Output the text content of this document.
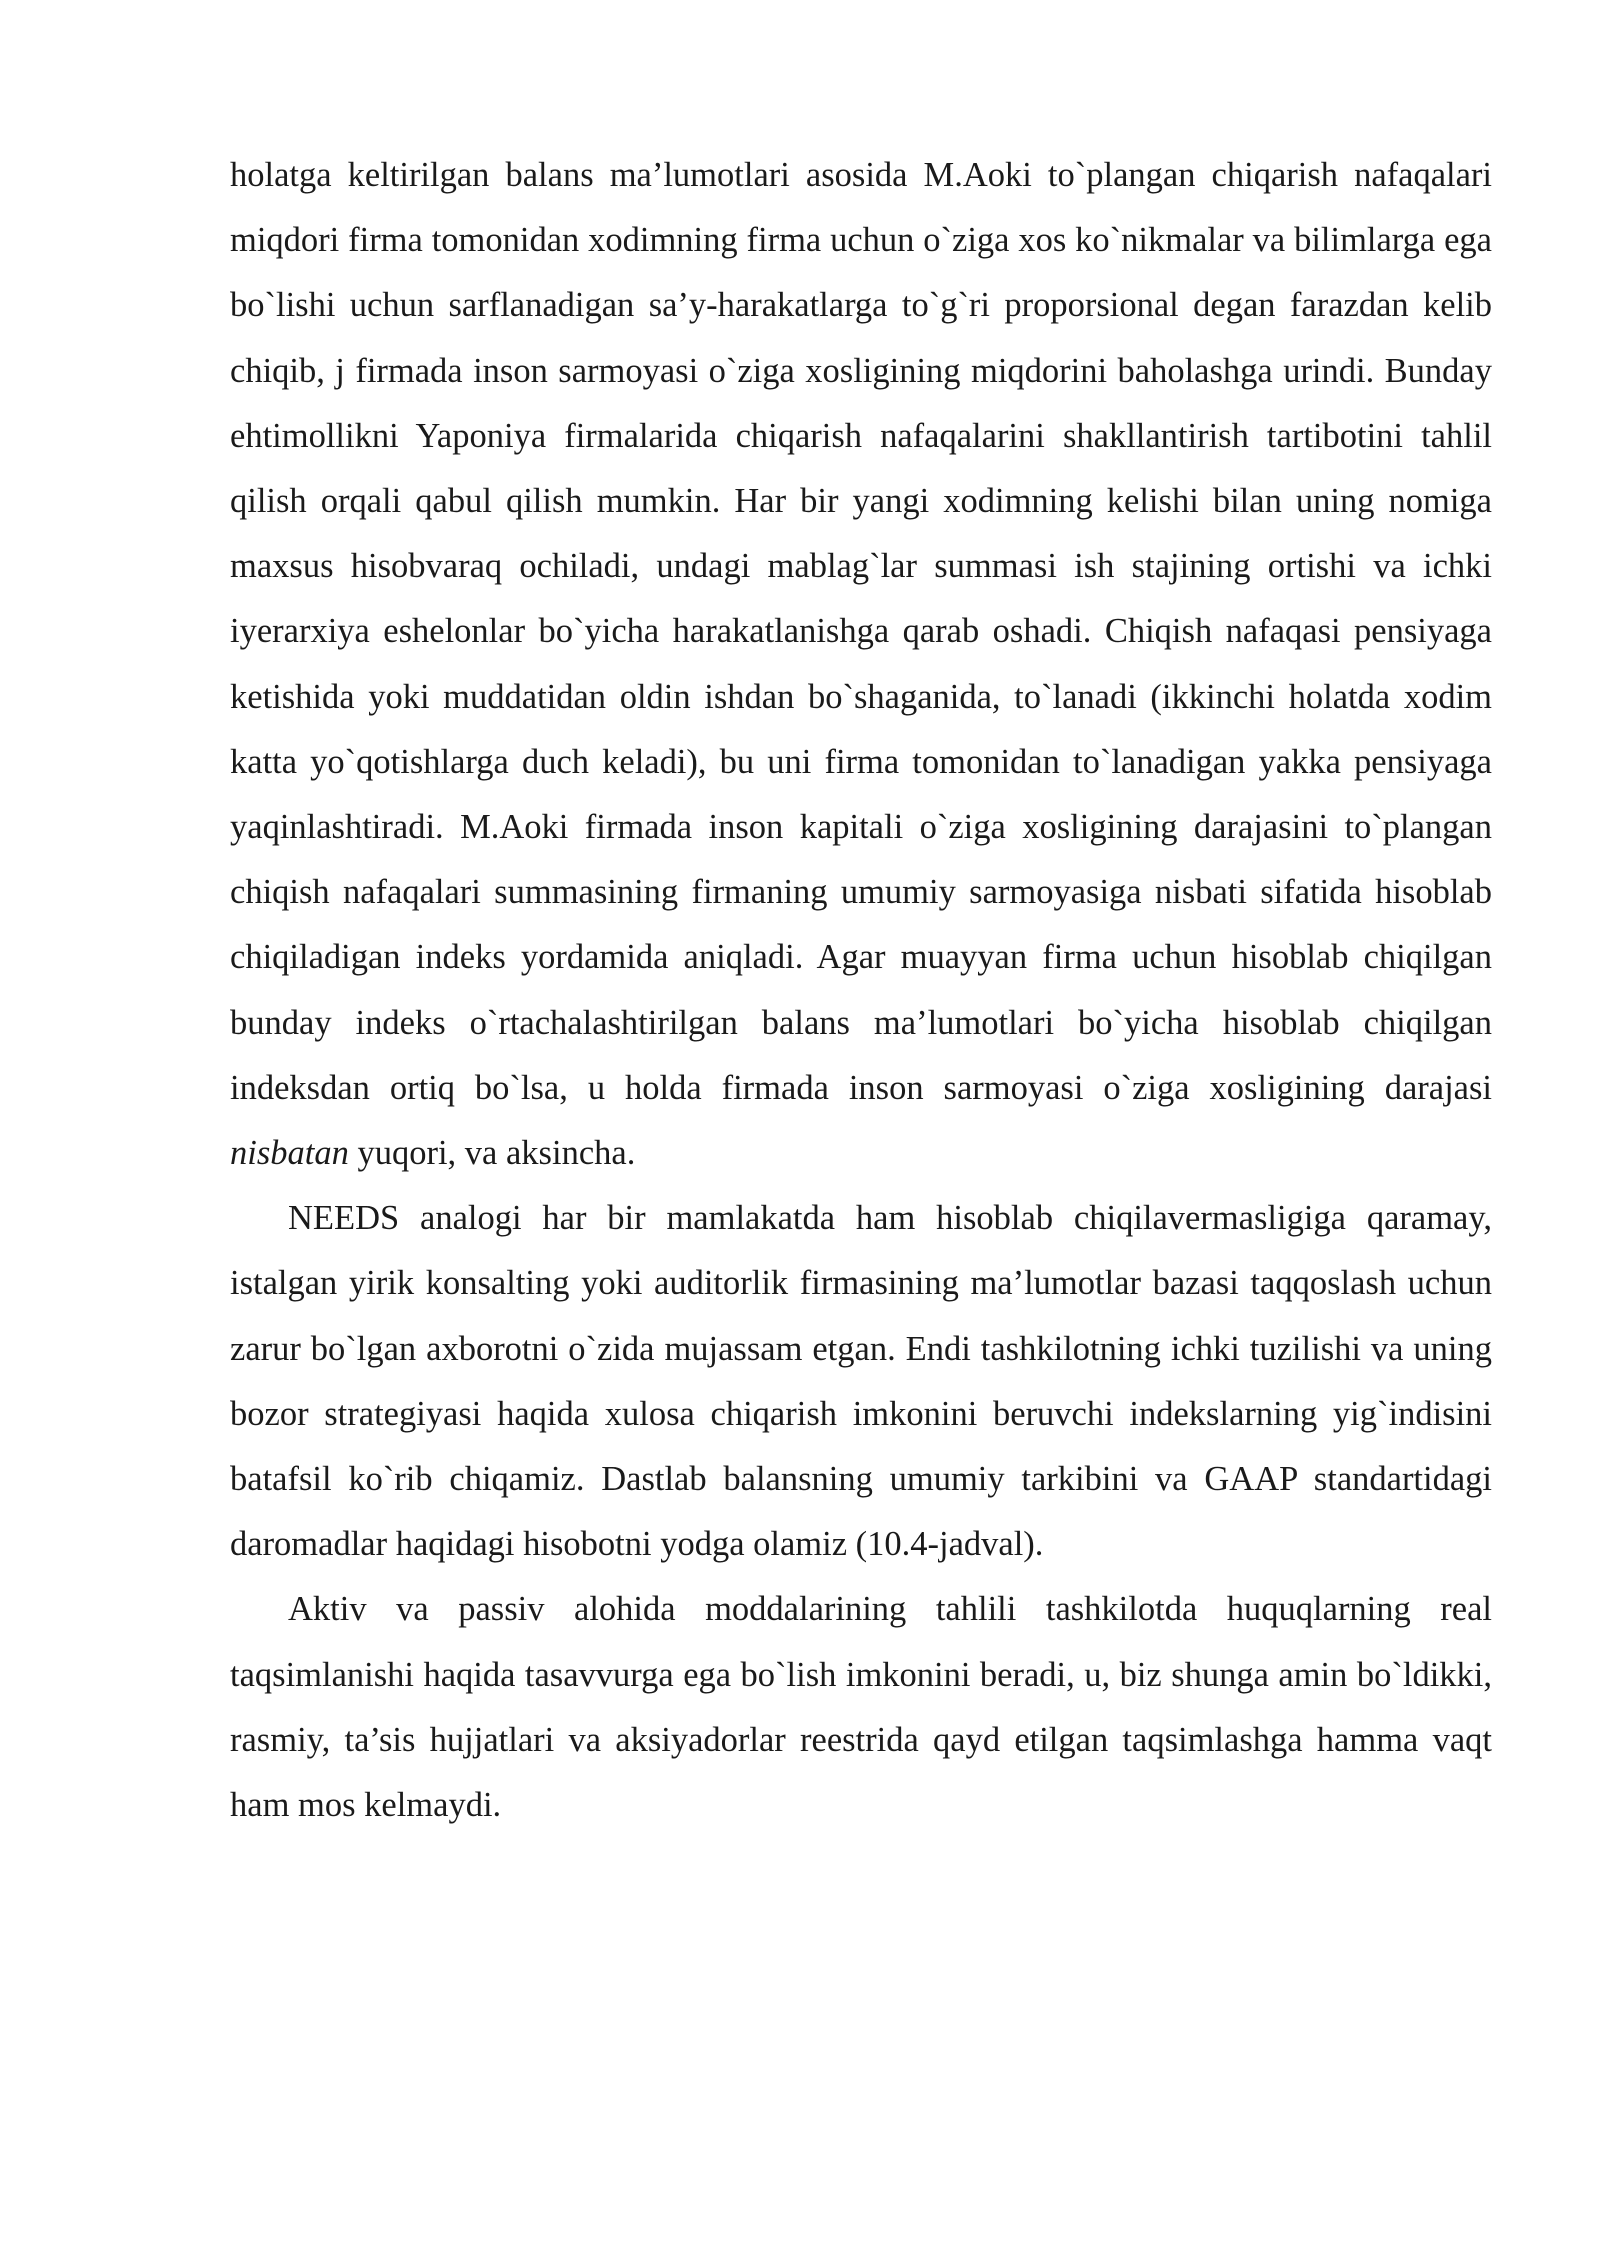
holatga keltirilgan balans ma’lumotlari asosida M.Aoki to`plangan chiqarish nafaqalari miqdori firma tomonidan xodimning firma uchun o`ziga xos ko`nikmalar va bilimlarga ega bo`lishi uchun sarflanadigan sa’y-harakatlarga to`g`ri proporsional degan farazdan kelib chiqib, j firmada inson sarmoyasi o`ziga xosligining miqdorini baholashga urindi. Bunday ehtimollikni Yaponiya firmalarida chiqarish nafaqalarini shakllantirish tartibotini tahlil qilish orqali qabul qilish mumkin. Har bir yangi xodimning kelishi bilan uning nomiga maxsus hisobvaraq ochiladi, undagi mablag`lar summasi ish stajining ortishi va ichki iyerarxiya eshelonlar bo`yicha harakatlanishga qarab oshadi. Chiqish nafaqasi pensiyaga ketishida yoki muddatidan oldin ishdan bo`shaganida, to`lanadi (ikkinchi holatda xodim katta yo`qotishlarga duch keladi), bu uni firma tomonidan to`lanadigan yakka pensiyaga yaqinlashtiradi. M.Aoki firmada inson kapitali o`ziga xosligining darajasini to`plangan chiqish nafaqalari summasining firmaning umumiy sarmoyasiga nisbati sifatida hisoblab chiqiladigan indeks yordamida aniqladi. Agar muayyan firma uchun hisoblab chiqilgan bunday indeks o`rtachalashtirilgan balans ma’lumotlari bo`yicha hisoblab chiqilgan indeksdan ortiq bo`lsa, u holda firmada inson sarmoyasi o`ziga xosligining darajasi nisbatan yuqori, va aksincha.

NEEDS analogi har bir mamlakatda ham hisoblab chiqilavermasligiga qaramay, istalgan yirik konsalting yoki auditorlik firmasining ma’lumotlar bazasi taqqoslash uchun zarur bo`lgan axborotni o`zida mujassam etgan. Endi tashkilotning ichki tuzilishi va uning bozor strategiyasi haqida xulosa chiqarish imkonini beruvchi indekslarning yig`indisini batafsil ko`rib chiqamiz. Dastlab balansning umumiy tarkibini va GAAP standartidagi daromadlar haqidagi hisobotni yodga olamiz (10.4-jadval).

Aktiv va passiv alohida moddalarining tahlili tashkilotda huquqlarning real taqsimlanishi haqida tasavvurga ega bo`lish imkonini beradi, u, biz shunga amin bo`ldikki, rasmiy, ta’sis hujjatlari va aksiyadorlar reestrida qayd etilgan taqsimlashga hamma vaqt ham mos kelmaydi.
